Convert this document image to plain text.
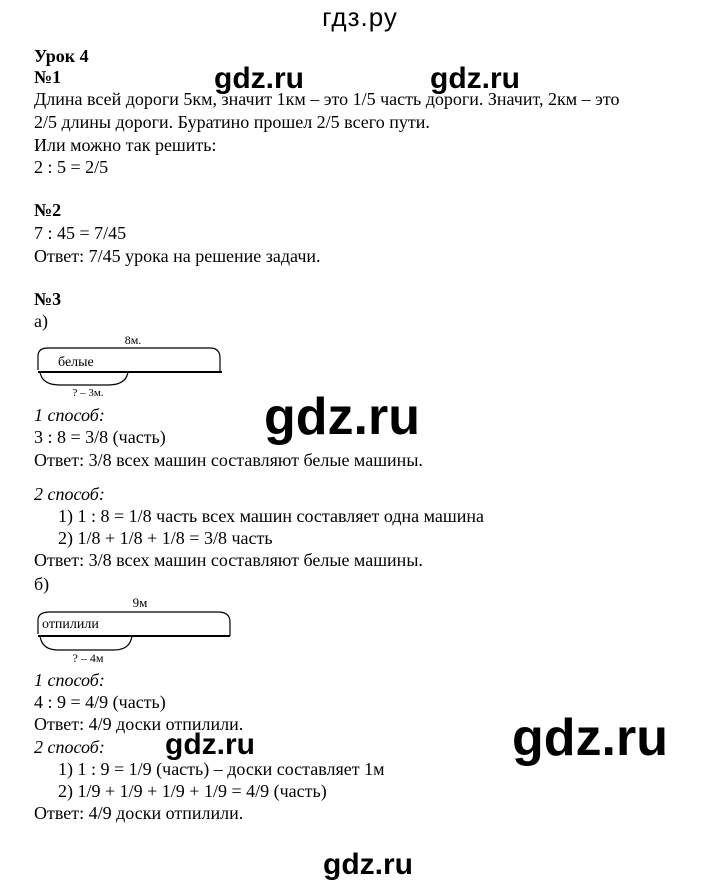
гдз.ру
gdz.ru	gdz.ru
gdz.ru
gdz.ru	gdz.ru
gdz.ru
Урок 4
№1
Длина всей дороги 5км, значит 1км – это 1/5 часть дороги. Значит, 2км – это
2/5 длины дороги. Буратино прошел 2/5 всего пути.
Или можно так решить:
2 : 5 = 2/5
№2
7 : 45 = 7/45
Ответ: 7/45 урока на решение задачи.
№3
а)
8м.
белые
? – 3м.
1 способ:
3 : 8 = 3/8 (часть)
Ответ: 3/8 всех машин составляют белые машины.
2 способ:
1) 1 : 8 = 1/8 часть всех машин составляет одна машина
2) 1/8 + 1/8 + 1/8 = 3/8 часть
Ответ: 3/8 всех машин составляют белые машины.
б)
9м
отпилили
? – 4м
1 способ:
4 : 9 = 4/9 (часть)
Ответ: 4/9 доски отпилили.
2 способ:
1) 1 : 9 = 1/9 (часть) – доски составляет 1м
2) 1/9 + 1/9 + 1/9 + 1/9 = 4/9 (часть)
Ответ: 4/9 доски отпилили.
